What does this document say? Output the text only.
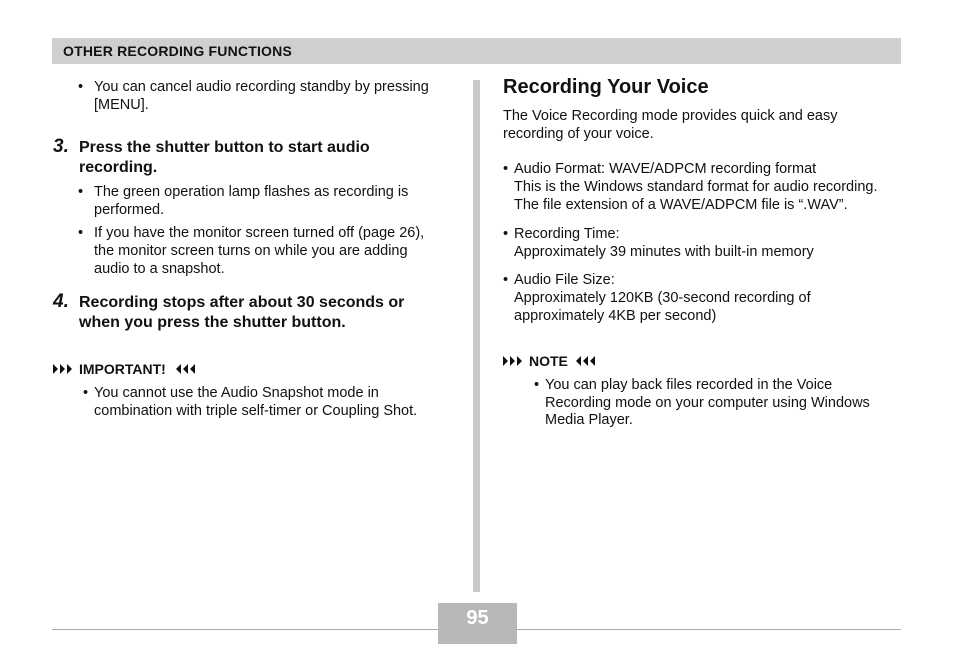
OTHER RECORDING FUNCTIONS
• You can cancel audio recording standby by pressing
[MENU].
3. Press the shutter button to start audio
recording.
• The green operation lamp flashes as recording is
performed.
• If you have the monitor screen turned off (page 26),
the monitor screen turns on while you are adding
audio to a snapshot.
4. Recording stops after about 30 seconds or
when you press the shutter button.
IMPORTANT!
• You cannot use the Audio Snapshot mode in
combination with triple self-timer or Coupling Shot.
Recording Your Voice
The Voice Recording mode provides quick and easy
recording of your voice.
• Audio Format: WAVE/ADPCM recording format
This is the Windows standard format for audio recording.
The file extension of a WAVE/ADPCM file is “.WAV”.
• Recording Time:
Approximately 39 minutes with built-in memory
• Audio File Size:
Approximately 120KB (30-second recording of
approximately 4KB per second)
NOTE
• You can play back files recorded in the Voice
Recording mode on your computer using Windows
Media Player.
95
